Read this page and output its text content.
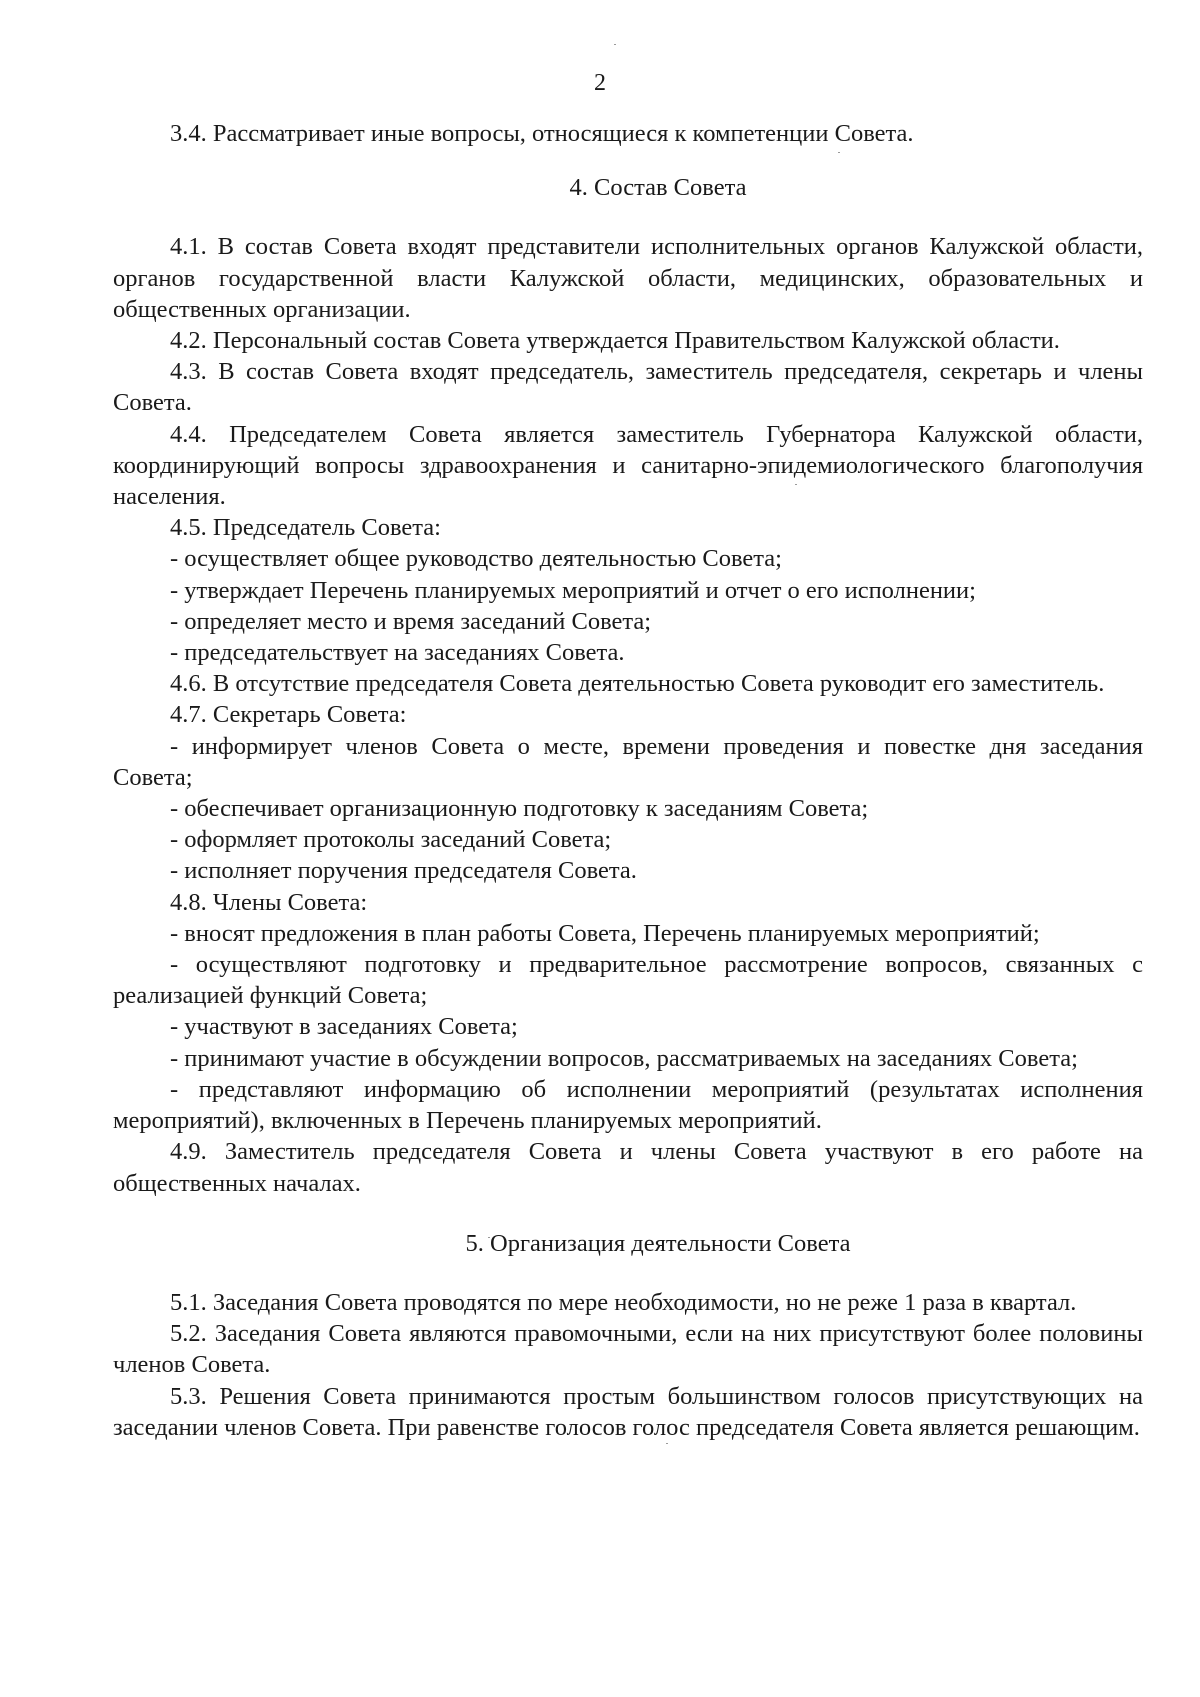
2

3.4. Рассматривает иные вопросы, относящиеся к компетенции Совета.

4. Состав Совета

4.1. В состав Совета входят представители исполнительных органов Калужской области, органов государственной власти Калужской области, медицинских, образовательных и общественных организации.

4.2. Персональный состав Совета утверждается Правительством Калужской области.

4.3. В состав Совета входят председатель, заместитель председателя, секретарь и члены Совета.

4.4. Председателем Совета является заместитель Губернатора Калужской области, координирующий вопросы здравоохранения и санитарно-эпидемиологического благополучия населения.

4.5. Председатель Совета:

- осуществляет общее руководство деятельностью Совета;

- утверждает Перечень планируемых мероприятий и отчет о его исполнении;

- определяет место и время заседаний Совета;

- председательствует на заседаниях Совета.

4.6. В отсутствие председателя Совета деятельностью Совета руководит его заместитель.

4.7. Секретарь Совета:

- информирует членов Совета о месте, времени проведения и повестке дня заседания Совета;

- обеспечивает организационную подготовку к заседаниям Совета;

- оформляет протоколы заседаний Совета;

- исполняет поручения председателя Совета.

4.8. Члены Совета:

- вносят предложения в план работы Совета, Перечень планируемых мероприятий;

- осуществляют подготовку и предварительное рассмотрение вопросов, связанных с реализацией функций Совета;

- участвуют в заседаниях Совета;

- принимают участие в обсуждении вопросов, рассматриваемых на заседаниях Совета;

- представляют информацию об исполнении мероприятий (результатах исполнения мероприятий), включенных в Перечень планируемых мероприятий.

4.9. Заместитель председателя Совета и члены Совета участвуют в его работе на общественных началах.

5. Организация деятельности Совета

5.1. Заседания Совета проводятся по мере необходимости, но не реже 1 раза в квартал.

5.2. Заседания Совета являются правомочными, если на них присутствуют более половины членов Совета.

5.3. Решения Совета принимаются простым большинством голосов присутствующих на заседании членов Совета. При равенстве голосов голос председателя Совета является решающим.
